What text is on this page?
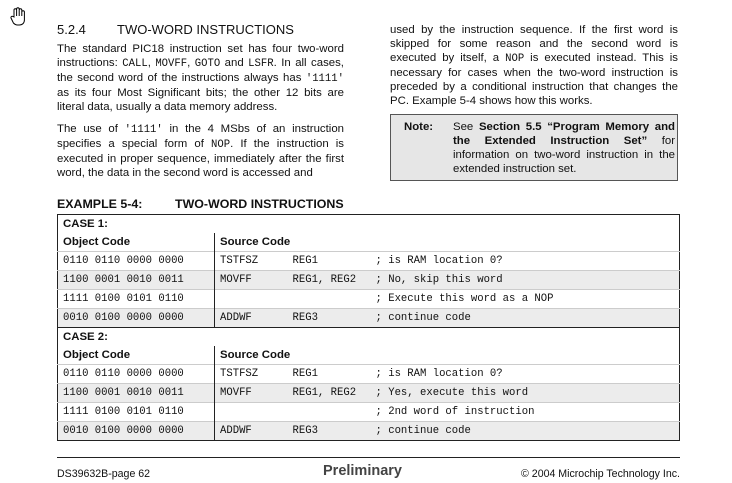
5.2.4 TWO-WORD INSTRUCTIONS
The standard PIC18 instruction set has four two-word instructions: CALL, MOVFF, GOTO and LSFR. In all cases, the second word of the instructions always has '1111' as its four Most Significant bits; the other 12 bits are literal data, usually a data memory address.
The use of '1111' in the 4 MSbs of an instruction specifies a special form of NOP. If the instruction is executed in proper sequence, immediately after the first word, the data in the second word is accessed and
used by the instruction sequence. If the first word is skipped for some reason and the second word is executed by itself, a NOP is executed instead. This is necessary for cases when the two-word instruction is preceded by a conditional instruction that changes the PC. Example 5-4 shows how this works.
Note: See Section 5.5 “Program Memory and the Extended Instruction Set” for information on two-word instruction in the extended instruction set.
EXAMPLE 5-4:	TWO-WORD INSTRUCTIONS
CASE 1:			
Object Code	Source Code		
0110 0110 0000 0000	TSTFSZ	REG1	; is RAM location 0?
1100 0001 0010 0011	MOVFF	REG1, REG2	; No, skip this word
1111 0100 0101 0110			; Execute this word as a NOP
0010 0100 0000 0000	ADDWF	REG3	; continue code
CASE 2:			
Object Code	Source Code		
0110 0110 0000 0000	TSTFSZ	REG1	; is RAM location 0?
1100 0001 0010 0011	MOVFF	REG1, REG2	; Yes, execute this word
1111 0100 0101 0110			; 2nd word of instruction
0010 0100 0000 0000	ADDWF	REG3	; continue code
DS39632B-page 62	Preliminary	© 2004 Microchip Technology Inc.
